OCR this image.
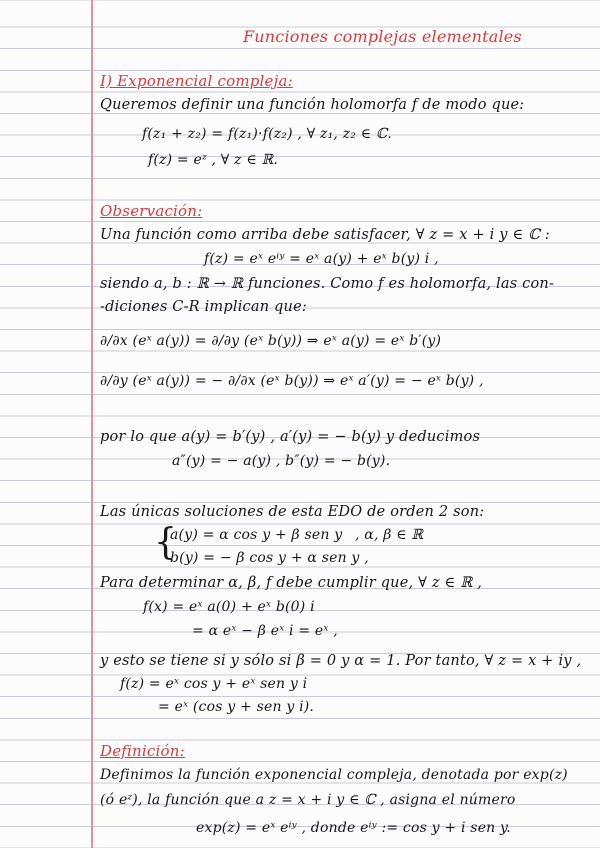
Funciones complejas elementales
I) Exponencial compleja:
Queremos definir una función holomorfa f de modo que:
f(z₁ + z₂) = f(z₁)·f(z₂) , ∀ z₁, z₂ ∈ ℂ.
f(z) = eᶻ , ∀ z ∈ ℝ.
Observación:
Una función como arriba debe satisfacer, ∀ z = x + i y ∈ ℂ :
f(z) = eˣ eⁱʸ = eˣ a(y) + eˣ b(y) i ,
siendo a, b : ℝ → ℝ funciones. Como f es holomorfa, las con-
-diciones C-R implican que:
∂/∂x (eˣ a(y)) = ∂/∂y (eˣ b(y)) ⇒ eˣ a(y) = eˣ b′(y)
∂/∂y (eˣ a(y)) = − ∂/∂x (eˣ b(y)) ⇒ eˣ a′(y) = − eˣ b(y) ,
por lo que a(y) = b′(y) , a′(y) = − b(y) y deducimos
a″(y) = − a(y) , b″(y) = − b(y).
Las únicas soluciones de esta EDO de orden 2 son:
{
a(y) = α cos y + β sen y , α, β ∈ ℝ
b(y) = − β cos y + α sen y ,
Para determinar α, β, f debe cumplir que, ∀ z ∈ ℝ ,
f(x) = eˣ a(0) + eˣ b(0) i
= α eˣ − β eˣ i = eˣ ,
y esto se tiene si y sólo si β = 0 y α = 1. Por tanto, ∀ z = x + iy ,
f(z) = eˣ cos y + eˣ sen y i
= eˣ (cos y + sen y i).
Definición:
Definimos la función exponencial compleja, denotada por exp(z)
(ó eᶻ), la función que a z = x + i y ∈ ℂ , asigna el número
exp(z) = eˣ eⁱʸ , donde eⁱʸ := cos y + i sen y.
